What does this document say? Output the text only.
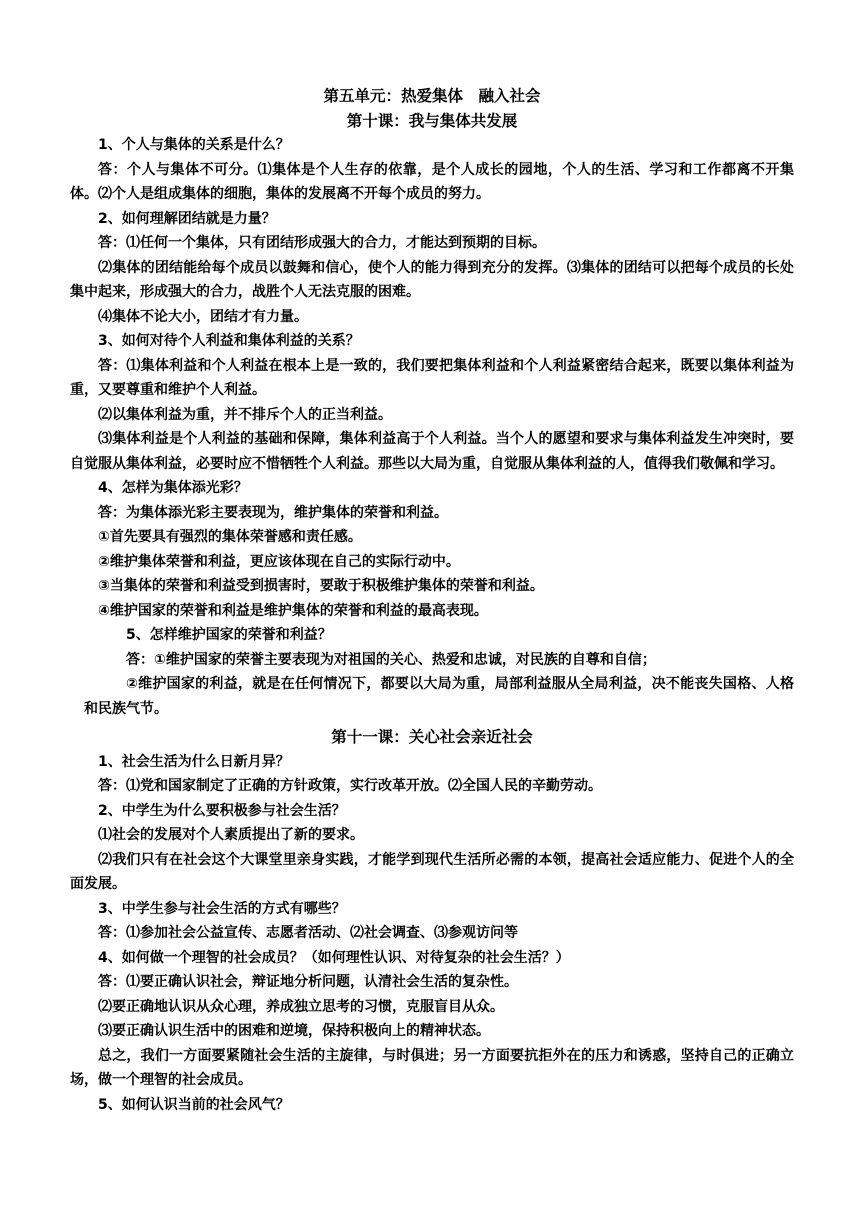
第五单元：热爱集体　融入社会

第十课：我与集体共发展

1、个人与集体的关系是什么？

答：个人与集体不可分。⑴集体是个人生存的依靠，是个人成长的园地，个人的生活、学习和工作都离不开集体。⑵个人是组成集体的细胞，集体的发展离不开每个成员的努力。

2、如何理解团结就是力量？

答：⑴任何一个集体，只有团结形成强大的合力，才能达到预期的目标。

⑵集体的团结能给每个成员以鼓舞和信心，使个人的能力得到充分的发挥。⑶集体的团结可以把每个成员的长处集中起来，形成强大的合力，战胜个人无法克服的困难。

⑷集体不论大小，团结才有力量。

3、如何对待个人利益和集体利益的关系？

答：⑴集体利益和个人利益在根本上是一致的，我们要把集体利益和个人利益紧密结合起来，既要以集体利益为重，又要尊重和维护个人利益。

⑵以集体利益为重，并不排斥个人的正当利益。

⑶集体利益是个人利益的基础和保障，集体利益高于个人利益。当个人的愿望和要求与集体利益发生冲突时，要自觉服从集体利益，必要时应不惜牺牲个人利益。那些以大局为重，自觉服从集体利益的人，值得我们敬佩和学习。

4、怎样为集体添光彩？

答：为集体添光彩主要表现为，维护集体的荣誉和利益。

①首先要具有强烈的集体荣誉感和责任感。

②维护集体荣誉和利益，更应该体现在自己的实际行动中。

③当集体的荣誉和利益受到损害时，要敢于积极维护集体的荣誉和利益。

④维护国家的荣誉和利益是维护集体的荣誉和利益的最高表现。

5、怎样维护国家的荣誉和利益？

答：①维护国家的荣誉主要表现为对祖国的关心、热爱和忠诚，对民族的自尊和自信；

②维护国家的利益，就是在任何情况下，都要以大局为重，局部利益服从全局利益，决不能丧失国格、人格和民族气节。

第十一课：关心社会亲近社会

1、社会生活为什么日新月异？

答：⑴党和国家制定了正确的方针政策，实行改革开放。⑵全国人民的辛勤劳动。

2、中学生为什么要积极参与社会生活？

⑴社会的发展对个人素质提出了新的要求。

⑵我们只有在社会这个大课堂里亲身实践，才能学到现代生活所必需的本领，提高社会适应能力、促进个人的全面发展。

3、中学生参与社会生活的方式有哪些？

答：⑴参加社会公益宣传、志愿者活动、⑵社会调查、⑶参观访问等

4、如何做一个理智的社会成员？（如何理性认识、对待复杂的社会生活？）

答：⑴要正确认识社会，辩证地分析问题，认清社会生活的复杂性。

⑵要正确地认识从众心理，养成独立思考的习惯，克服盲目从众。

⑶要正确认识生活中的困难和逆境，保持积极向上的精神状态。

总之，我们一方面要紧随社会生活的主旋律，与时俱进；另一方面要抗拒外在的压力和诱惑，坚持自己的正确立场，做一个理智的社会成员。

5、如何认识当前的社会风气？
